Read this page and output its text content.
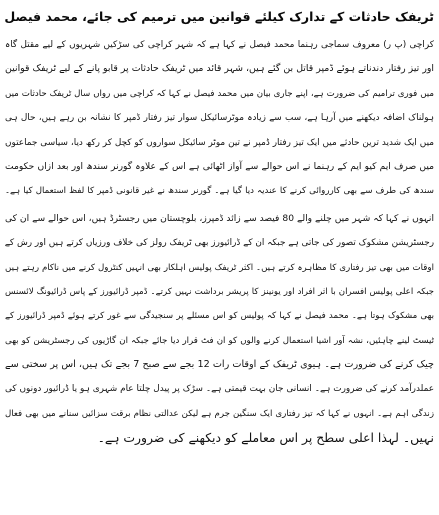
ٹریفک حادثات کے تدارک کیلئے قوانین میں ترمیم کی جائے، محمد فیصل
کراچی (پ ر) معروف سماجی رہنما محمد فیصل نے کہا ہے کہ شہر کراچی کی سڑکیں شہریوں کے لیے مقتل گاہ
اور تیز رفتار دندناتے ہوئے ڈمپر قاتل بن گئے ہیں، شہر قائد میں ٹریفک حادثات پر قابو پانے کے لیے ٹریفک قوانین
میں فوری ترامیم کی ضرورت ہے، اپنے جاری بیان میں محمد فیصل نے کہا کہ کراچی میں رواں سال ٹریفک حادثات میں
ہولناک اضافہ دیکھنے میں آرہا ہے، سب سے زیادہ موٹرسائیکل سوار تیز رفتار ڈمپر کا نشانہ بن رہے ہیں، حال ہی
میں ایک شدید ترین حادثے میں ایک تیز رفتار ڈمپر نے تین موٹر سائیکل سواروں کو کچل کر رکھ دیا، سیاسی جماعتوں
میں صرف ایم کیو ایم کے رہنما نے اس حوالے سے آواز اٹھائی ہے اس کے علاوہ گورنر سندھ اور بعد ازاں حکومت
سندھ کی طرف سے بھی کارروائی کرنے کا عندیہ دیا گیا ہے۔ گورنر سندھ نے غیر قانونی ڈمپر کا لفظ استعمال کیا ہے۔
انہوں نے کہا کہ شہر میں چلنے والے 80 فیصد سے زائد ڈمپرز، بلوچستان میں رجسٹرڈ ہیں، اس حوالے سے ان کی
رجسٹریشن مشکوک تصور کی جاتی ہے جبکہ ان کے ڈرائیورز بھی ٹریفک رولز کی خلاف ورزیاں کرتے ہیں اور رش کے
اوقات میں بھی تیز رفتاری کا مظاہرہ کرتے ہیں۔ اکثر ٹریفک پولیس اہلکار بھی انہیں کنٹرول کرنے میں ناکام رہتے ہیں
جبکہ اعلی پولیس افسران با اثر افراد اور یونینز کا پریشر برداشت نہیں کرتے۔ ڈمپر ڈرائیورز کے پاس ڈرائیونگ لائسنس
بھی مشکوک ہوتا ہے۔ محمد فیصل نے کہا کہ پولیس کو اس مسئلے پر سنجیدگی سے غور کرتے ہوئے ڈمپر ڈرائیورز کے
ٹیسٹ لینے چاہئیں، نشہ آور اشیا استعمال کرنے والوں کو ان فٹ قرار دیا جائے جبکہ ان گاڑیوں کی رجسٹریشن کو بھی
چیک کرنے کی ضرورت ہے۔ ہیوی ٹریفک کے اوقات رات 12 بجے سے صبح 7 بجے تک ہیں، اس پر سختی سے
عملدرآمد کرنے کی ضرورت ہے۔ انسانی جان بہت قیمتی ہے۔ سڑک پر پیدل چلتا عام شہری ہو یا ڈرائیور دونوں کی
زندگی اہم ہے۔ انہوں نے کہا کہ تیز رفتاری ایک سنگین جرم ہے لیکن عدالتی نظام برقت سزائیں سنانے میں بھی فعال
نہیں۔ لہذا اعلی سطح پر اس معاملے کو دیکھنے کی ضرورت ہے۔
